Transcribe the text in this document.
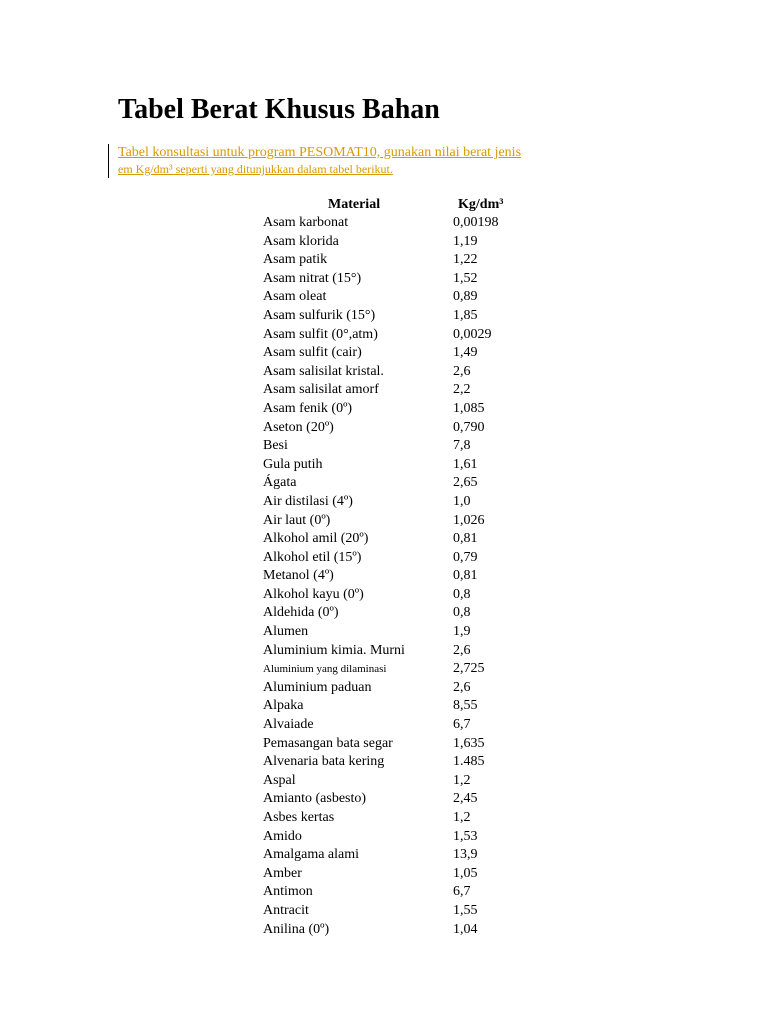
Tabel Berat Khusus Bahan
Tabel konsultasi untuk program PESOMAT10, gunakan nilai berat jenis
em Kg/dm³ seperti yang ditunjukkan dalam tabel berikut.
Material	Kg/dm³
Asam karbonat	0,00198
Asam klorida	1,19
Asam patik	1,22
Asam nitrat (15°)	1,52
Asam oleat	0,89
Asam sulfurik (15°)	1,85
Asam sulfit (0°,atm)	0,0029
Asam sulfit (cair)	1,49
Asam salisilat kristal.	2,6
Asam salisilat amorf	2,2
Asam fenik (0º)	1,085
Aseton (20º)	0,790
Besi	7,8
Gula putih	1,61
Ágata	2,65
Air distilasi (4º)	1,0
Air laut (0º)	1,026
Alkohol amil (20º)	0,81
Alkohol etil (15º)	0,79
Metanol (4º)	0,81
Alkohol kayu (0º)	0,8
Aldehida (0º)	0,8
Alumen	1,9
Aluminium kimia. Murni	2,6
Aluminium yang dilaminasi	2,725
Aluminium paduan	2,6
Alpaka	8,55
Alvaiade	6,7
Pemasangan bata segar	1,635
Alvenaria bata kering	1.485
Aspal	1,2
Amianto (asbesto)	2,45
Asbes kertas	1,2
Amido	1,53
Amalgama alami	13,9
Amber	1,05
Antimon	6,7
Antracit	1,55
Anilina (0º)	1,04
